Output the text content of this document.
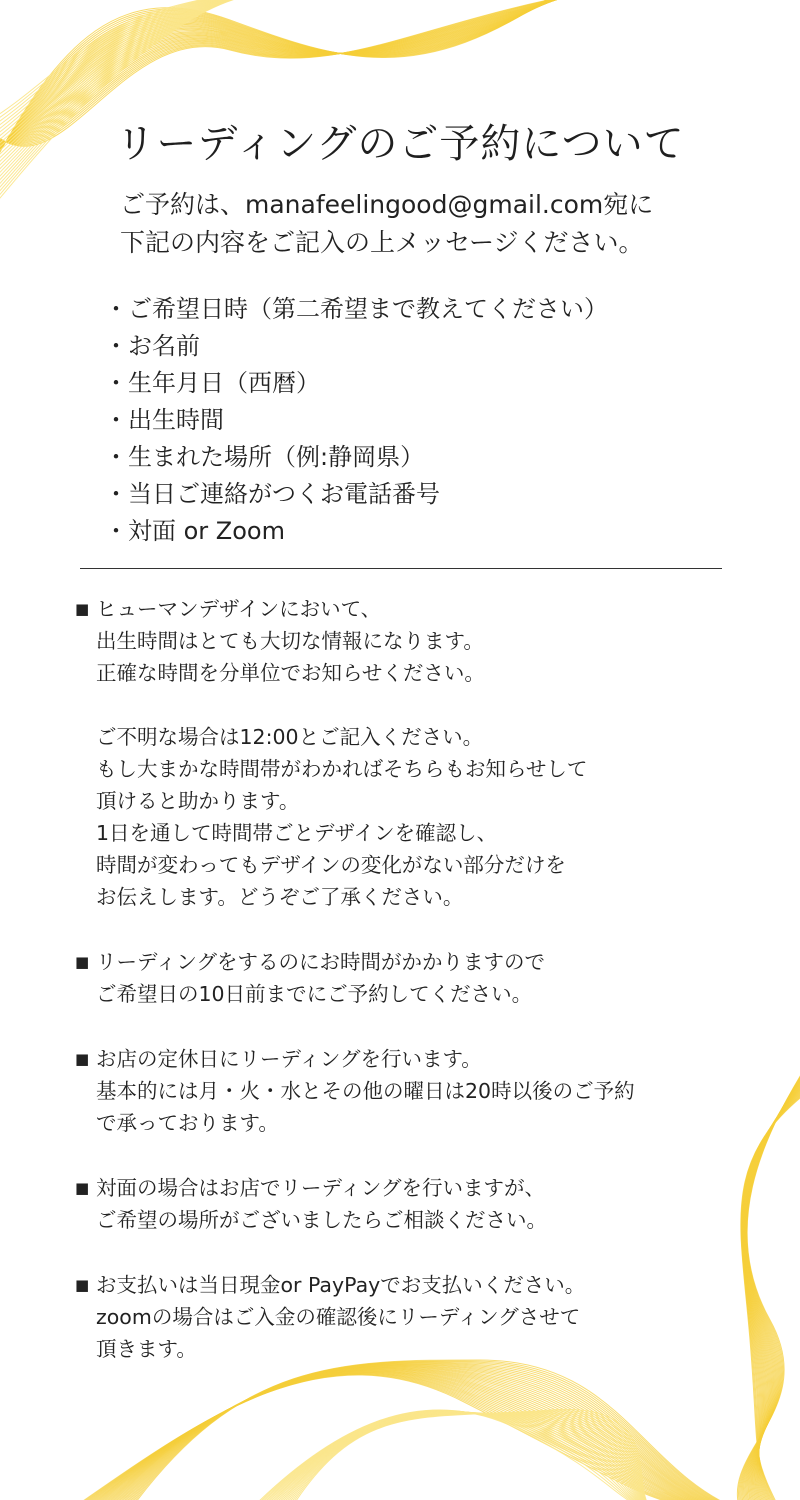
リーディングのご予約について
ご予約は、manafeelingood@gmail.com宛に
下記の内容をご記入の上メッセージください。
・ ご希望日時（第二希望まで教えてください）
・ お名前
・ 生年月日（西暦）
・ 出生時間
・ 生まれた場所（例:静岡県）
・ 当日ご連絡がつくお電話番号
・ 対面 or Zoom
■ ヒューマンデザインにおいて、
出生時間はとても大切な情報になります。
正確な時間を分単位でお知らせください。
ご不明な場合は12:00とご記入ください。
もし大まかな時間帯がわかればそちらもお知らせして
頂けると助かります。
1日を通して時間帯ごとデザインを確認し、
時間が変わってもデザインの変化がない部分だけを
お伝えします。どうぞご了承ください。
■ リーディングをするのにお時間がかかりますので
ご希望日の10日前までにご予約してください。
■ お店の定休日にリーディングを行います。
基本的には月・火・水とその他の曜日は20時以後のご予約
で承っております。
■ 対面の場合はお店でリーディングを行いますが、
ご希望の場所がございましたらご相談ください。
■ お支払いは当日現金or PayPayでお支払いください。
zoomの場合はご入金の確認後にリーディングさせて
頂きます。
